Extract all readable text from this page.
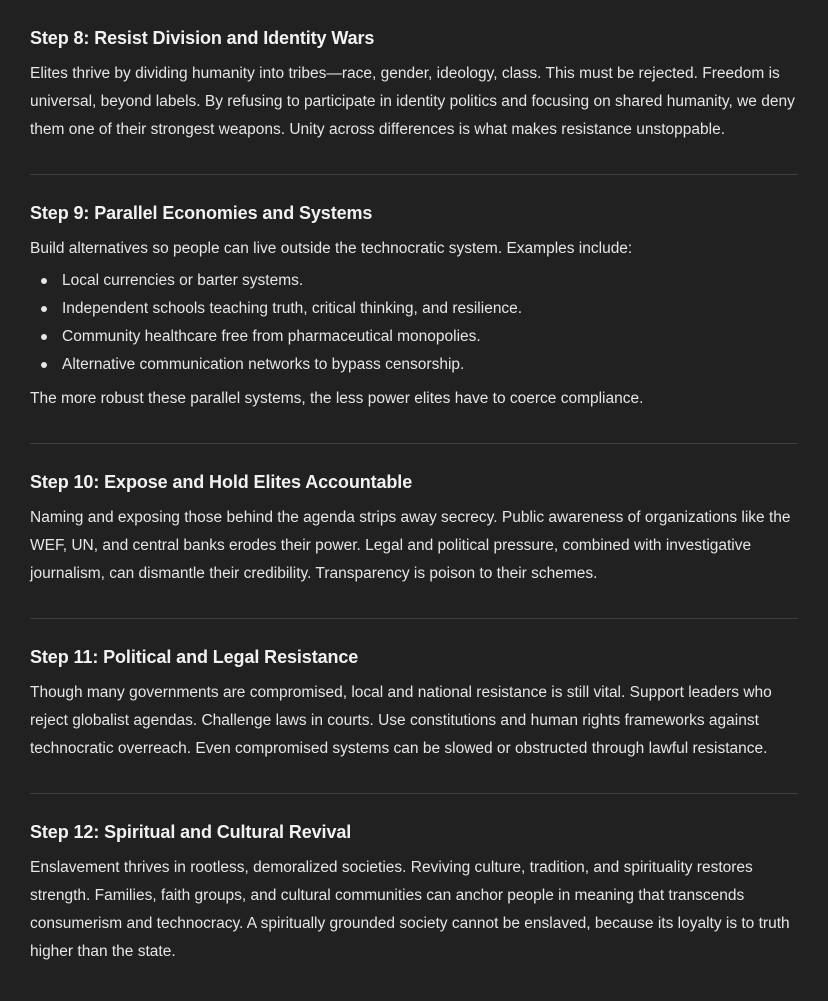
Step 8: Resist Division and Identity Wars

Elites thrive by dividing humanity into tribes—race, gender, ideology, class. This must be rejected. Freedom is universal, beyond labels. By refusing to participate in identity politics and focusing on shared humanity, we deny them one of their strongest weapons. Unity across differences is what makes resistance unstoppable.

Step 9: Parallel Economies and Systems

Build alternatives so people can live outside the technocratic system. Examples include:

Local currencies or barter systems.
Independent schools teaching truth, critical thinking, and resilience.
Community healthcare free from pharmaceutical monopolies.
Alternative communication networks to bypass censorship.

The more robust these parallel systems, the less power elites have to coerce compliance.

Step 10: Expose and Hold Elites Accountable

Naming and exposing those behind the agenda strips away secrecy. Public awareness of organizations like the WEF, UN, and central banks erodes their power. Legal and political pressure, combined with investigative journalism, can dismantle their credibility. Transparency is poison to their schemes.

Step 11: Political and Legal Resistance

Though many governments are compromised, local and national resistance is still vital. Support leaders who reject globalist agendas. Challenge laws in courts. Use constitutions and human rights frameworks against technocratic overreach. Even compromised systems can be slowed or obstructed through lawful resistance.

Step 12: Spiritual and Cultural Revival

Enslavement thrives in rootless, demoralized societies. Reviving culture, tradition, and spirituality restores strength. Families, faith groups, and cultural communities can anchor people in meaning that transcends consumerism and technocracy. A spiritually grounded society cannot be enslaved, because its loyalty is to truth higher than the state.
